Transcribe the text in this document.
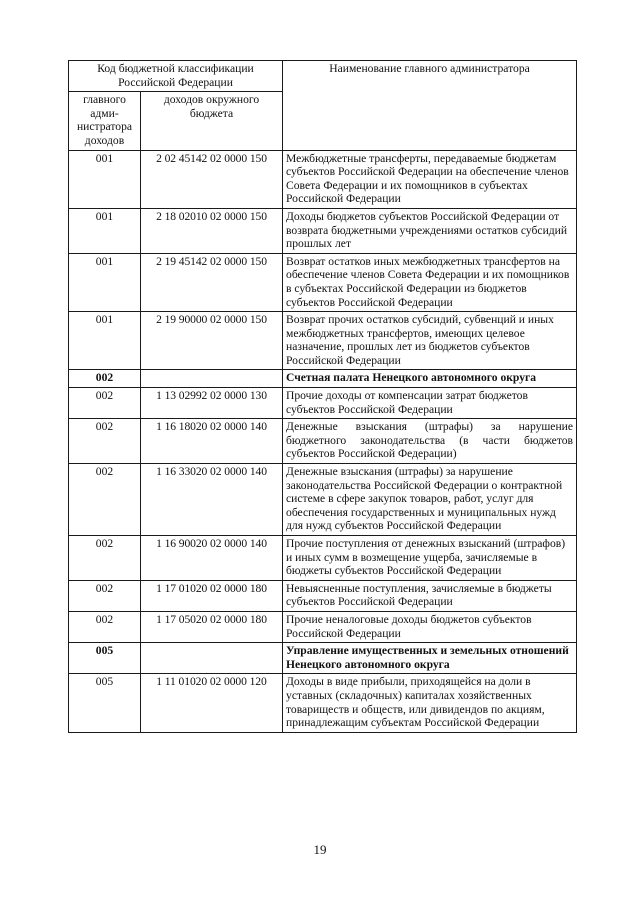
Код бюджетной классификации Российской Федерации		Наименование главного администратора
главного адми-нистратора доходов	доходов окружного бюджета	
001	2 02 45142 02 0000 150	Межбюджетные трансферты, передаваемые бюджетам субъектов Российской Федерации на обеспечение членов Совета Федерации и их помощников в субъектах Российской Федерации
001	2 18 02010 02 0000 150	Доходы бюджетов субъектов Российской Федерации от возврата бюджетными учреждениями остатков субсидий прошлых лет
001	2 19 45142 02 0000 150	Возврат остатков иных межбюджетных трансфертов на обеспечение членов Совета Федерации и их помощников в субъектах Российской Федерации из бюджетов субъектов Российской Федерации
001	2 19 90000 02 0000 150	Возврат прочих остатков субсидий, субвенций и иных межбюджетных трансфертов, имеющих целевое назначение, прошлых лет из бюджетов субъектов Российской Федерации
002		Счетная палата Ненецкого автономного округа
002	1 13 02992 02 0000 130	Прочие доходы от компенсации затрат бюджетов субъектов Российской Федерации
002	1 16 18020 02 0000 140	Денежные взыскания (штрафы) за нарушение бюджетного законодательства (в части бюджетов субъектов Российской Федерации)
002	1 16 33020 02 0000 140	Денежные взыскания (штрафы) за нарушение законодательства Российской Федерации о контрактной системе в сфере закупок товаров, работ, услуг для обеспечения государственных и муниципальных нужд для нужд субъектов Российской Федерации
002	1 16 90020 02 0000 140	Прочие поступления от денежных взысканий (штрафов) и иных сумм в возмещение ущерба, зачисляемые в бюджеты субъектов Российской Федерации
002	1 17 01020 02 0000 180	Невыясненные поступления, зачисляемые в бюджеты субъектов Российской Федерации
002	1 17 05020 02 0000 180	Прочие неналоговые доходы бюджетов субъектов Российской Федерации
005		Управление имущественных и земельных отношений Ненецкого автономного округа
005	1 11 01020 02 0000 120	Доходы в виде прибыли, приходящейся на доли в уставных (складочных) капиталах хозяйственных товариществ и обществ, или дивидендов по акциям, принадлежащим субъектам Российской Федерации
19
